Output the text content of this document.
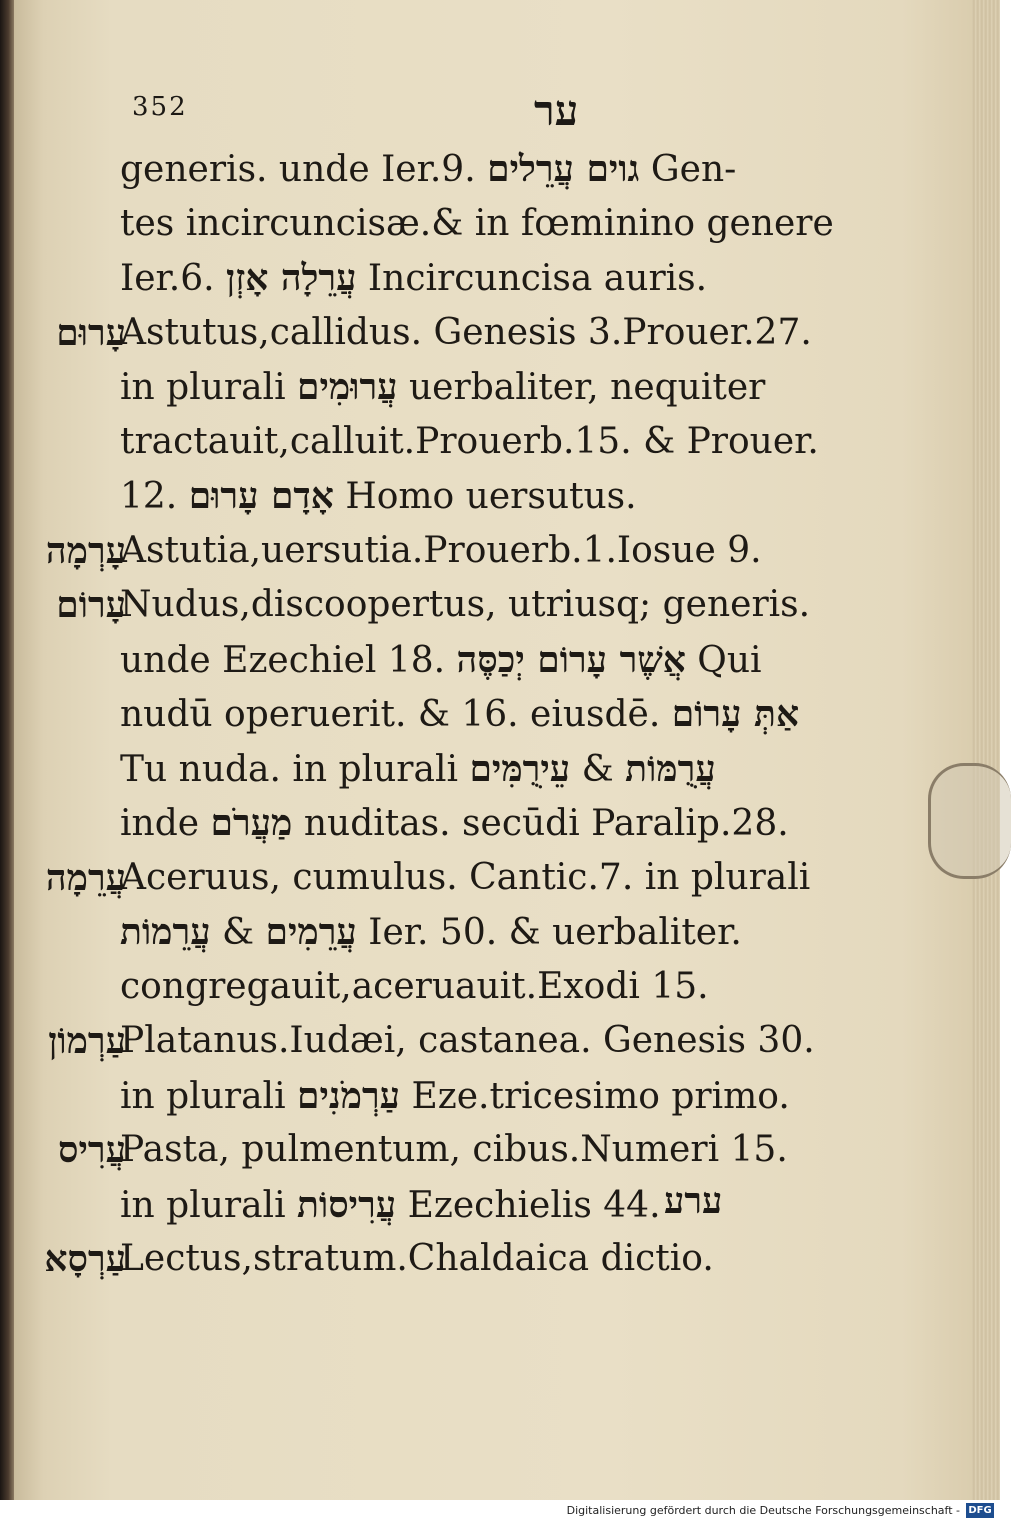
352	ער
generis. unde Ier.9. גוים עֲרֵלים Gen-
tes incircuncisæ.& in fœminino genere
Ier.6. עֲרֵלָה אָזְן Incircuncisa auris.
עָרוּם
Astutus,callidus. Genesis 3.Prouer.27.
in plurali עֲרוּמִים uerbaliter, nequiter
tractauit,calluit.Prouerb.15. & Prouer.
12. אָדָם עָרוּם Homo uersutus.
עָרְמָה
Astutia,uersutia.Prouerb.1.Iosue 9.
עָרוֹם
Nudus,discoopertus, utriusq; generis.
unde Ezechiel 18. אֲשֶׁר עָרוֹם יְכַסֶּה Qui
nudū operuerit. & 16. eiusdē. אַתְּ עָרוֹם
Tu nuda. in plurali עֵירֻמִּים & עֲרֻמּוֹת
inde מַעֲרֹם nuditas. secūdi Paralip.28.
עֲרֵמָה
Aceruus, cumulus. Cantic.7. in plurali
עֲרֵמוֹת & עֲרֵמִים Ier. 50. & uerbaliter.
congregauit,aceruauit.Exodi 15.
עַרְמוֹן
Platanus.Iudæi, castanea. Genesis 30.
in plurali עַרְמֹנִים Eze.tricesimo primo.
עֲרִיס
Pasta, pulmentum, cibus.Numeri 15.
in plurali עֲרִיסוֹת Ezechielis 44.
עַרְסָא
Lectus,stratum.Chaldaica dictio.
ערע
Digitalisierung gefördert durch die Deutsche Forschungsgemeinschaft - DFG
